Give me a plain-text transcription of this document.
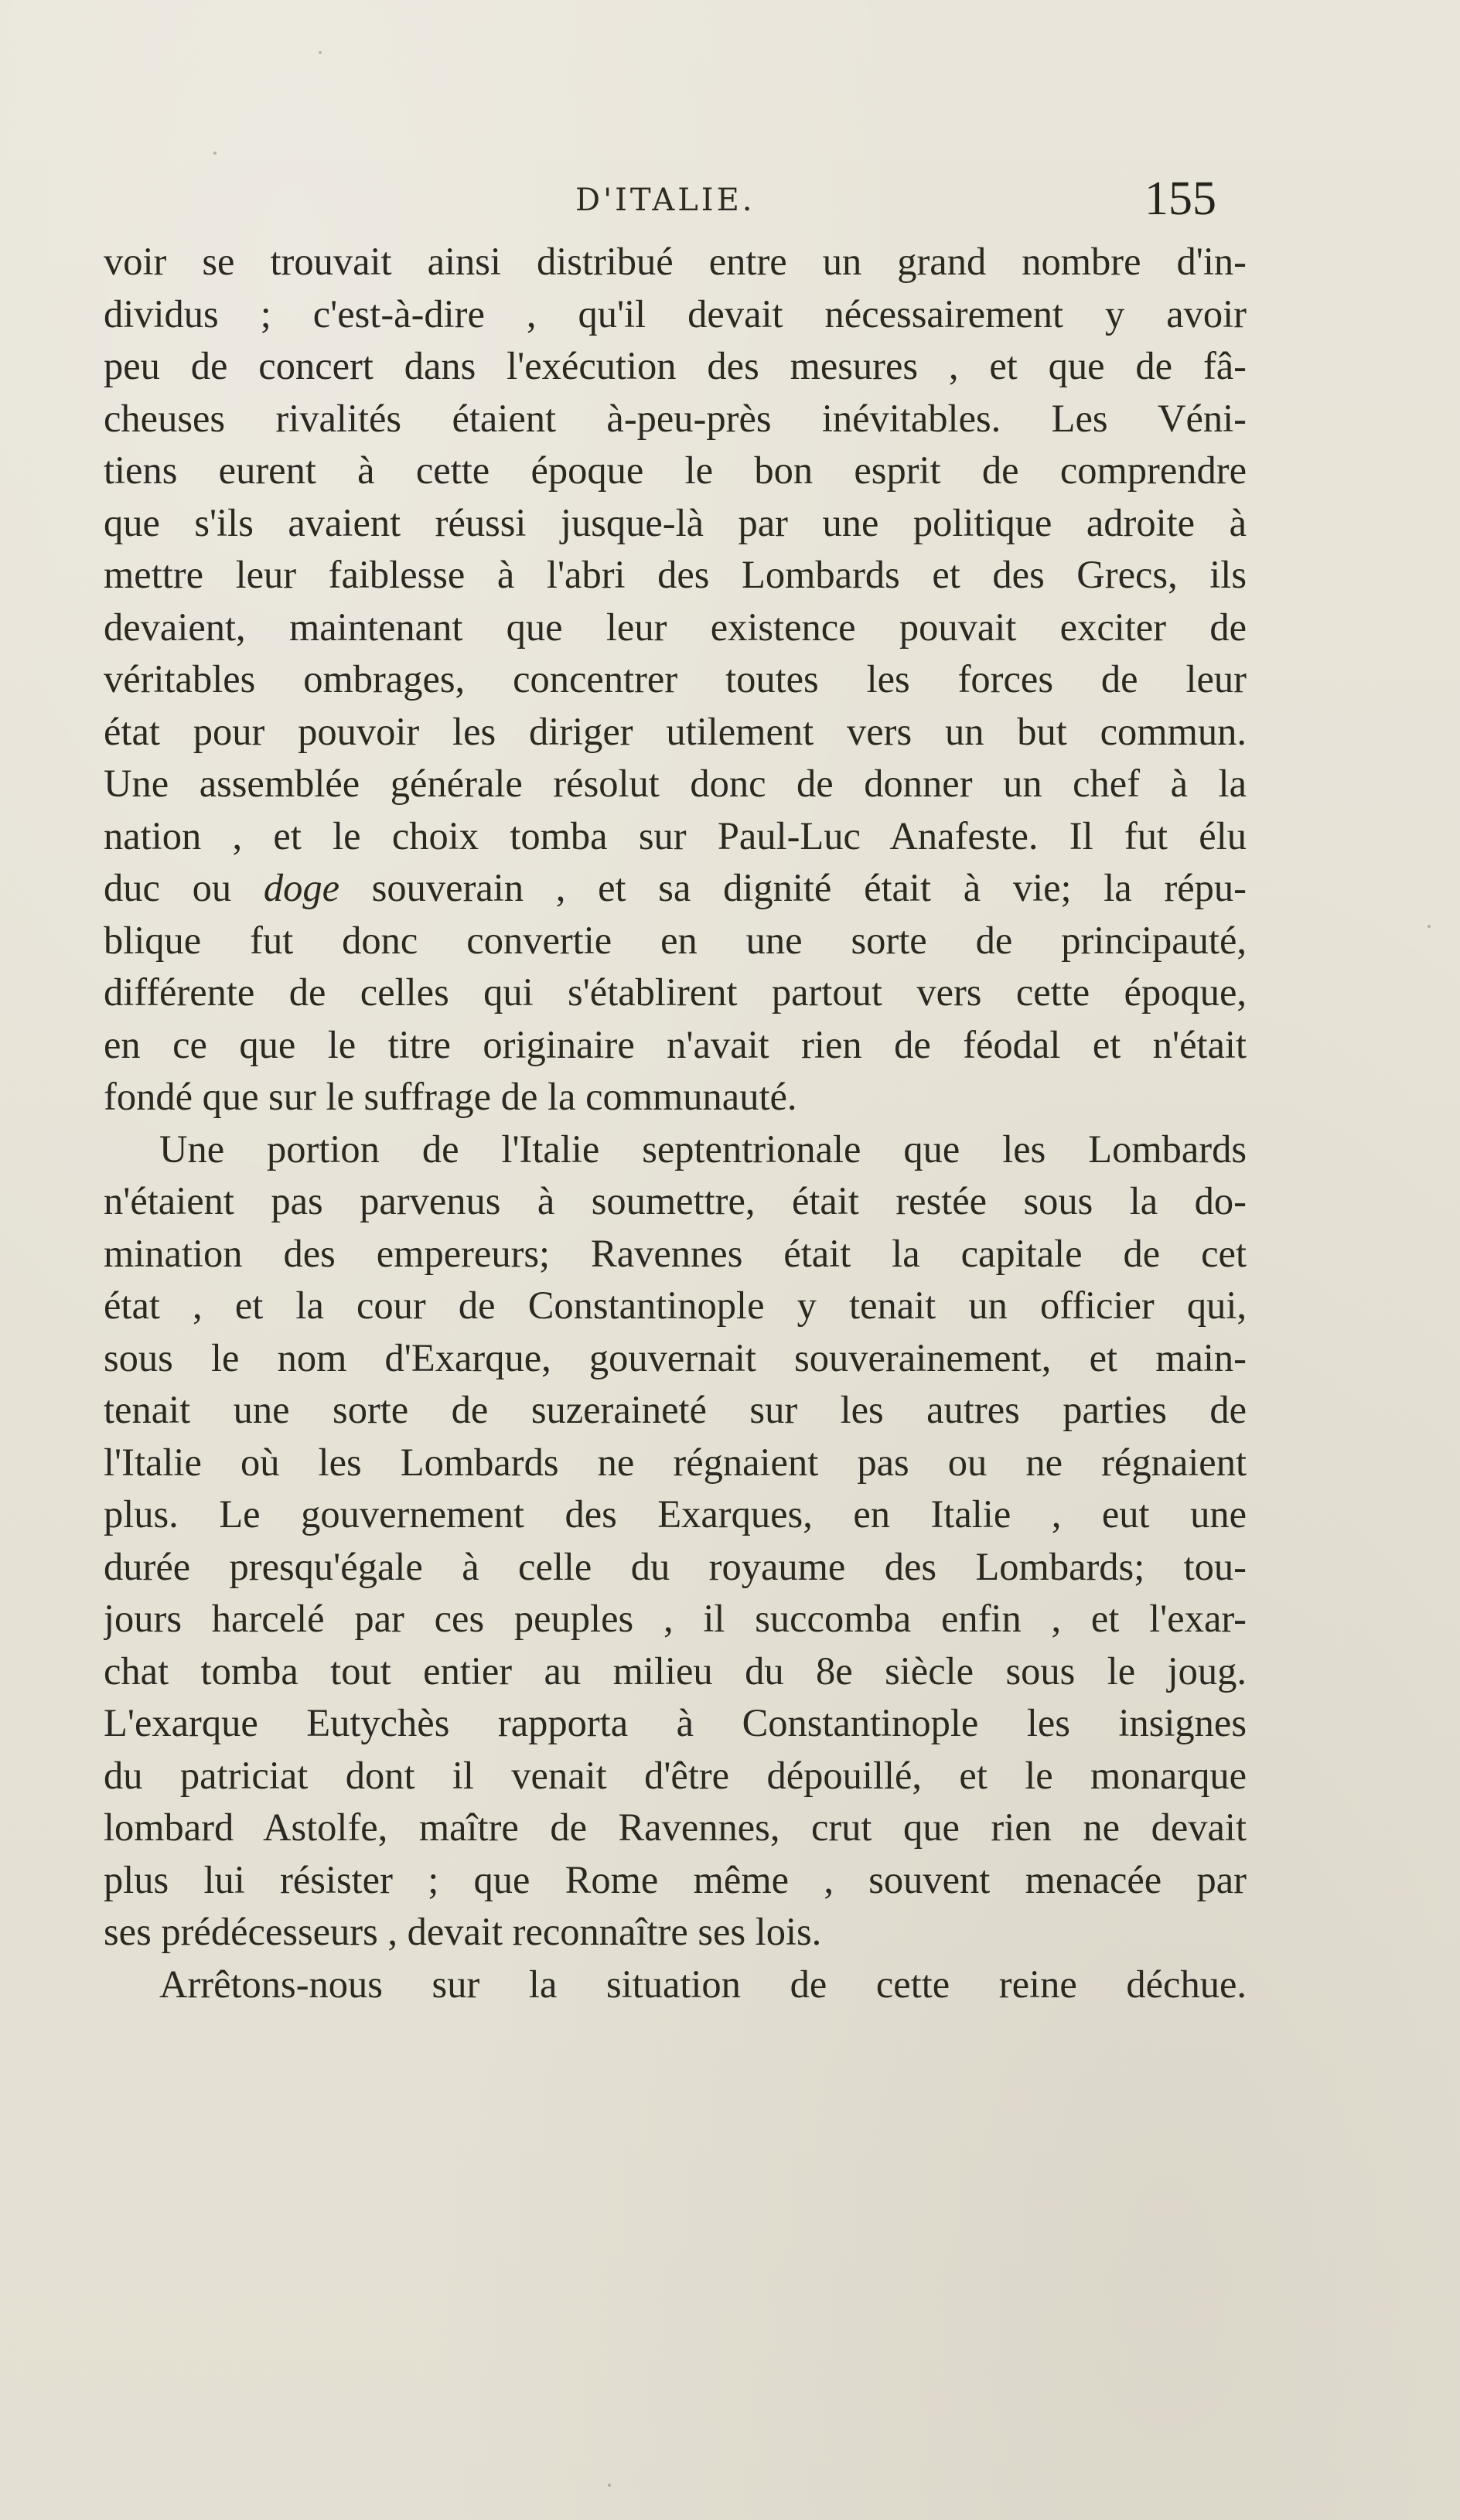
D'ITALIE.	155
voir se trouvait ainsi distribué entre un grand nombre d'in-
dividus ; c'est-à-dire , qu'il devait nécessairement y avoir
peu de concert dans l'exécution des mesures , et que de fâ-
cheuses rivalités étaient à-peu-près inévitables. Les Véni-
tiens eurent à cette époque le bon esprit de comprendre
que s'ils avaient réussi jusque-là par une politique adroite à
mettre leur faiblesse à l'abri des Lombards et des Grecs, ils
devaient, maintenant que leur existence pouvait exciter de
véritables ombrages, concentrer toutes les forces de leur
état pour pouvoir les diriger utilement vers un but commun.
Une assemblée générale résolut donc de donner un chef à la
nation , et le choix tomba sur Paul-Luc Anafeste. Il fut élu
duc ou doge souverain , et sa dignité était à vie; la répu-
blique fut donc convertie en une sorte de principauté,
différente de celles qui s'établirent partout vers cette époque,
en ce que le titre originaire n'avait rien de féodal et n'était
fondé que sur le suffrage de la communauté.
Une portion de l'Italie septentrionale que les Lombards
n'étaient pas parvenus à soumettre, était restée sous la do-
mination des empereurs; Ravennes était la capitale de cet
état , et la cour de Constantinople y tenait un officier qui,
sous le nom d'Exarque, gouvernait souverainement, et main-
tenait une sorte de suzeraineté sur les autres parties de
l'Italie où les Lombards ne régnaient pas ou ne régnaient
plus. Le gouvernement des Exarques, en Italie , eut une
durée presqu'égale à celle du royaume des Lombards; tou-
jours harcelé par ces peuples , il succomba enfin , et l'exar-
chat tomba tout entier au milieu du 8e siècle sous le joug.
L'exarque Eutychès rapporta à Constantinople les insignes
du patriciat dont il venait d'être dépouillé, et le monarque
lombard Astolfe, maître de Ravennes, crut que rien ne devait
plus lui résister ; que Rome même , souvent menacée par
ses prédécesseurs , devait reconnaître ses lois.
Arrêtons-nous sur la situation de cette reine déchue.
